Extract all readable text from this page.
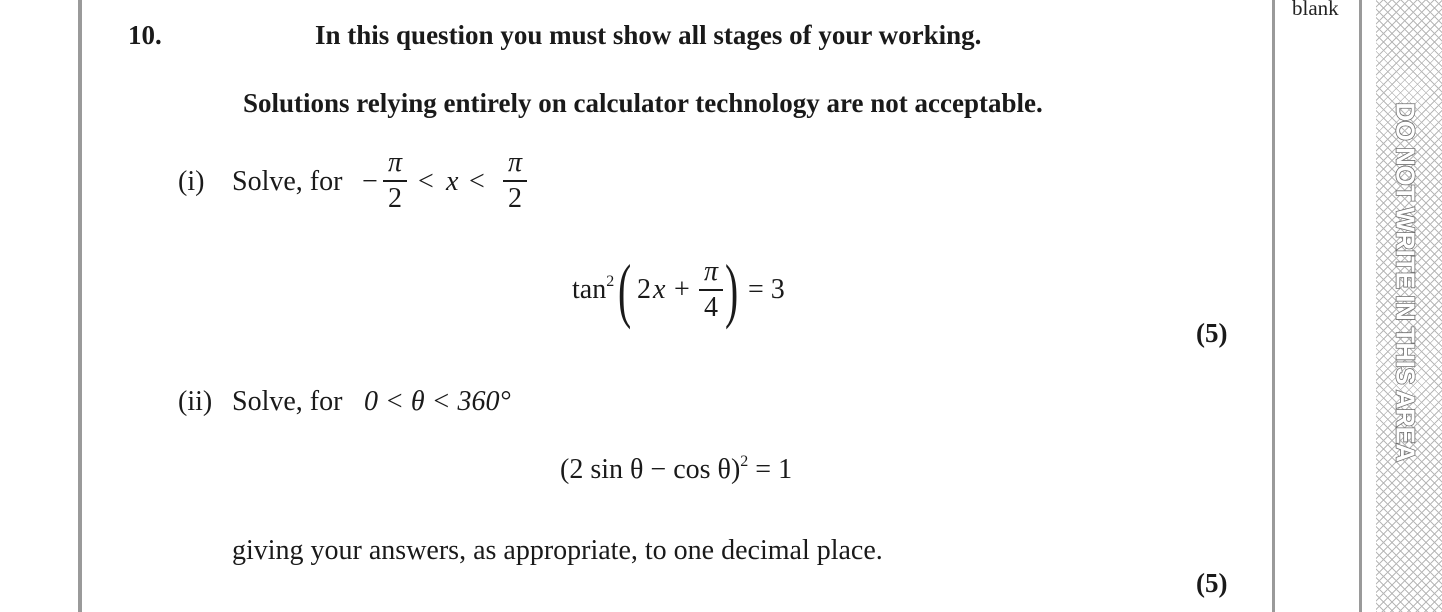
blank
DO NOT WRITE IN THIS AREA
10.	In this question you must show all stages of your working.
Solutions relying entirely on calculator technology are not acceptable.
(i) Solve, for −
π
2
< x <
π
2
$\tan^2$ ( 2 x +
π
4 ) = 3
(5)
(ii) Solve, for 0 < θ < 360°
(2 sin θ − cos θ)$^2$ = 1
giving your answers, as appropriate, to one decimal place.
(5)
